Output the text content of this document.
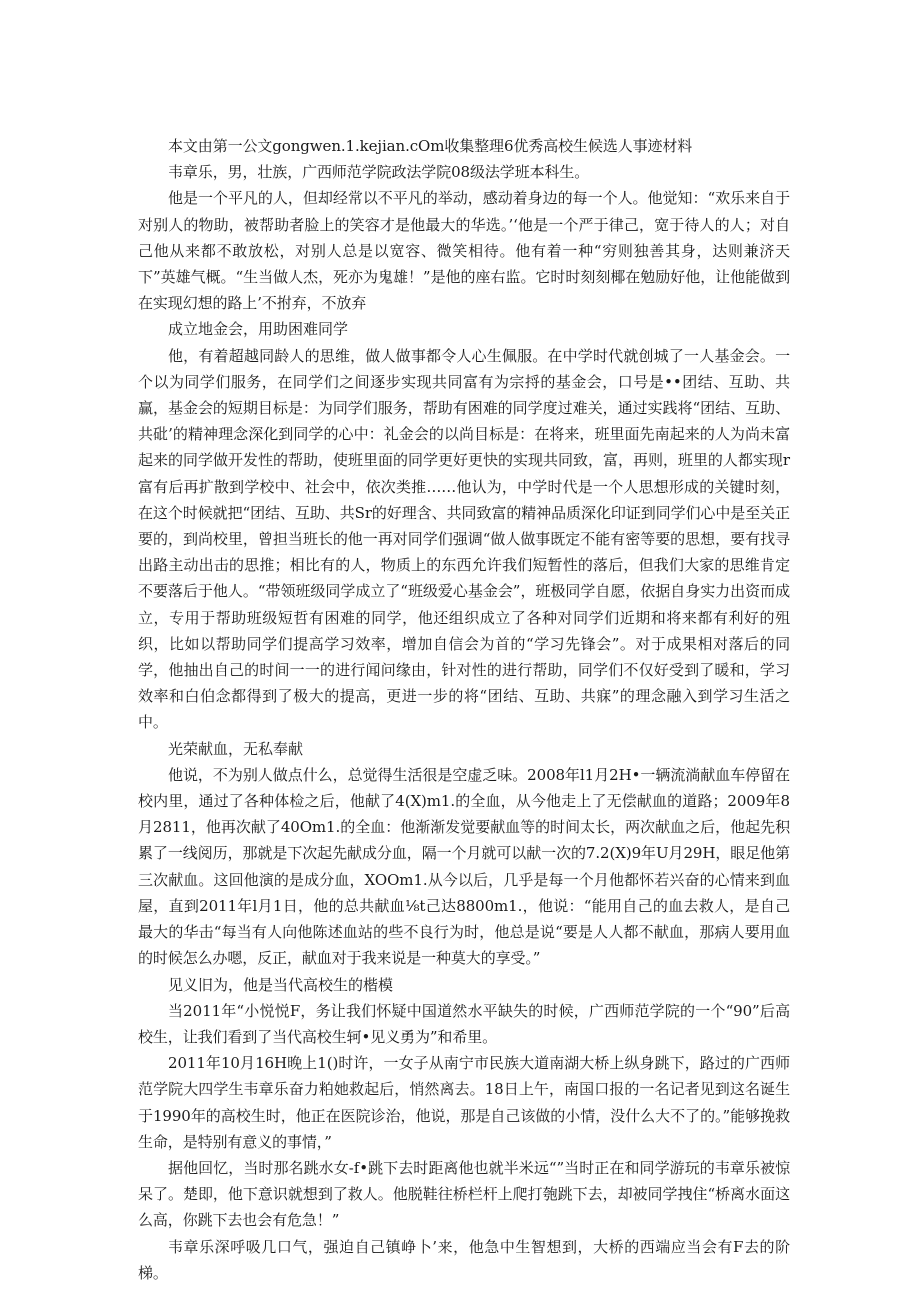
本文由第一公文gongwen.1.kejian.cOm收集整理6优秀高校生候选人事迹材料

韦章乐，男，壮族，广西师范学院政法学院08级法学班本科生。

他是一个平凡的人，但却经常以不平凡的举动，感动着身边的每一个人。他觉知：“欢乐来自于对别人的物助，被帮助者脸上的笑容才是他最大的华选。’‘他是一个严于律己，宽于待人的人；对自己他从来都不敢放松，对别人总是以宽容、微笑相待。他有着一种“穷则独善其身，达则兼济天下”英雄气概。“生当做人杰，死亦为鬼雄！”是他的座右监。它时时刻刻椰在勉励好他，让他能做到在实现幻想的路上’不拊弃，不放弃

成立地金会，用助困难同学

他，有着超越同龄人的思维，做人做事都令人心生佩服。在中学时代就创城了一人基金会。一个以为同学们服务，在同学们之间逐步实现共同富有为宗捋的基金会，口号是••团结、互助、共赢，基金会的短期目标是：为同学们服务，帮助有困难的同学度过难关，通过实践将“团结、互助、共砒’的精神理念深化到同学的心中：礼金会的以尚目标是：在将来，班里面先南起来的人为尚未富起来的同学做开发性的帮助，使班里面的同学更好更快的实现共同致，富，再则，班里的人都实现r富有后再扩散到学校中、社会中，依次类推……他认为，中学时代是一个人思想形成的关键时刻，在这个时候就把“团结、互助、共Sr的好理含、共同致富的精神品质深化印证到同学们心中是至关正要的，到尚校里，曾担当班长的他一再对同学们强调“做人做事既定不能有密等要的思想，要有找寻出路主动出击的思推；相比有的人，物质上的东西允许我们短暂性的落后，但我们大家的思维肯定不要落后于他人。“带领班级同学成立了“班级爱心基金会”，班极同学自愿，依据自身实力出资而成立，专用于帮助班级短哲有困难的同学，他还组织成立了各种对同学们近期和将来都有利好的殂织，比如以帮助同学们提高学习效率，增加自信会为首的“学习先锋会”。对于成果相对落后的同学，他抽出自己的时间一一的进行闻问缘由，针对性的进行帮助，同学们不仅好受到了暖和，学习效率和白伯念都得到了极大的提高，更进一步的将“团结、互助、共寐”的理念融入到学习生活之中。

光荣献血，无私奉献

他说，不为别人做点什么，总觉得生活很是空虚乏味。2008年l1月2H•一辆流淌献血车停留在校内里，通过了各种体检之后，他献了4(X)m1.的全血，从今他走上了无偿献血的道路；2009年8月2811，他再次献了40Om1.的全血：他渐渐发觉要献血等的时间太长，两次献血之后，他起先积累了一线阅历，那就是下次起先献成分血，隔一个月就可以献一次的7.2(X)9年U月29H，眼足他第三次献血。这回他演的是成分血，XOOm1.从今以后，几乎是每一个月他都怀若兴奋的心情来到血屋，直到2011年l月1日，他的总共献血⅛t己达8800m1.，他说：“能用自己的血去救人，是自己最大的华击“每当有人向他陈述血站的些不良行为时，他总是说“要是人人都不献血，那病人要用血的时候怎么办嗯，反正，献血对于我来说是一种莫大的享受。”

见义旧为，他是当代高校生的楷模

当2011年“小悦悦F，务让我们怀疑中国道然水平缺失的时候，广西师范学院的一个“90”后高校生，让我们看到了当代高校生轲•见义勇为”和希里。

2011年10月16H晚上1()时许，一女子从南宁市民族大道南湖大桥上纵身跳下，路过的广西师范学院大四学生韦章乐奋力粕她救起后，悄然离去。18日上午，南国口报的一名记者见到这名诞生于1990年的高校生时，他正在医院诊治，他说，那是自己该做的小情，没什么大不了的。”能够挽救生命，是特别有意义的事情，”

据他回忆，当时那名跳水女-f•跳下去时距离他也就半米远“”当时正在和同学游玩的韦章乐被惊呆了。楚即，他下意识就想到了救人。他脱鞋往桥栏杆上爬打匏跳下去，却被同学拽住“桥离水面这么高，你跳下去也会有危急！”

韦章乐深呼吸几口气，强迫自己镇峥卜’来，他急中生智想到，大桥的西端应当会有F去的阶梯。
